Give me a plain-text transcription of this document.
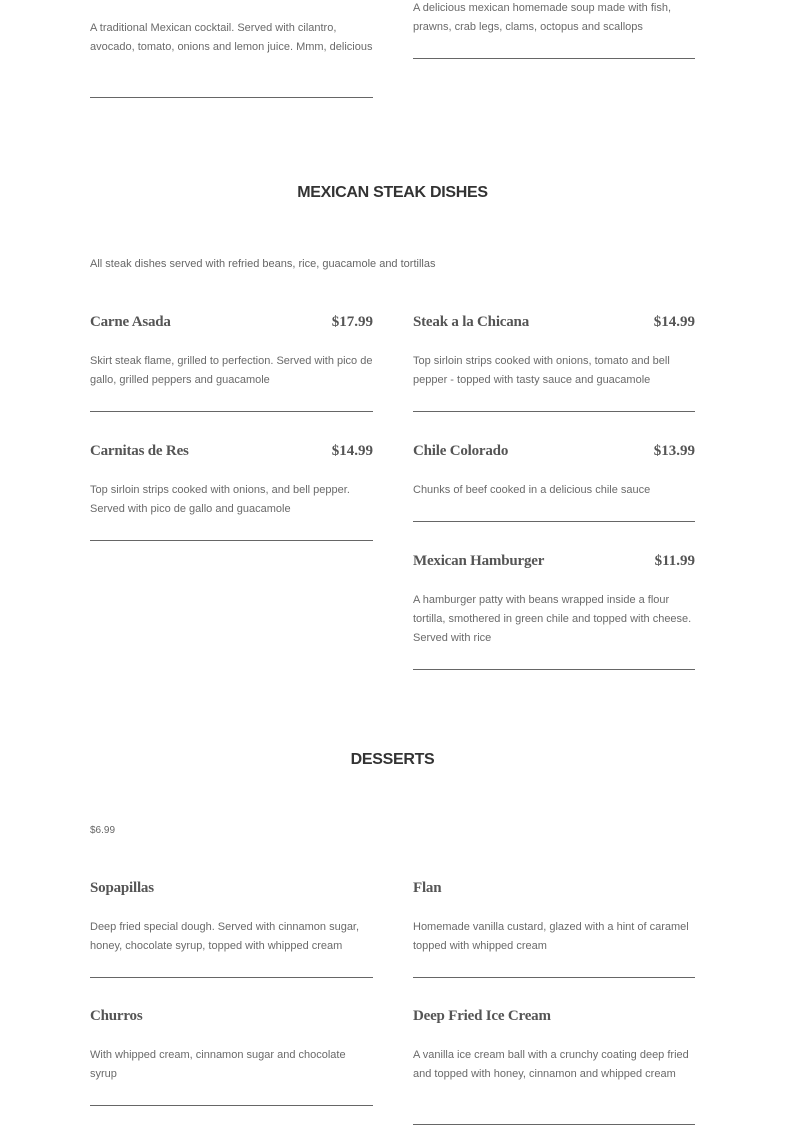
A traditional Mexican cocktail. Served with cilantro, avocado, tomato, onions and lemon juice. Mmm, delicious
A delicious mexican homemade soup made with fish, prawns, crab legs, clams, octopus and scallops
MEXICAN STEAK DISHES
All steak dishes served with refried beans, rice, guacamole and tortillas
Carne Asada	$17.99
Skirt steak flame, grilled to perfection. Served with pico de gallo, grilled peppers and guacamole
Steak a la Chicana	$14.99
Top sirloin strips cooked with onions, tomato and bell pepper - topped with tasty sauce and guacamole
Carnitas de Res	$14.99
Top sirloin strips cooked with onions, and bell pepper. Served with pico de gallo and guacamole
Chile Colorado	$13.99
Chunks of beef cooked in a delicious chile sauce
Mexican Hamburger	$11.99
A hamburger patty with beans wrapped inside a flour tortilla, smothered in green chile and topped with cheese. Served with rice
DESSERTS
$6.99
Sopapillas
Deep fried special dough. Served with cinnamon sugar, honey, chocolate syrup, topped with whipped cream
Flan
Homemade vanilla custard, glazed with a hint of caramel topped with whipped cream
Churros
With whipped cream, cinnamon sugar and chocolate syrup
Deep Fried Ice Cream
A vanilla ice cream ball with a crunchy coating deep fried and topped with honey, cinnamon and whipped cream
